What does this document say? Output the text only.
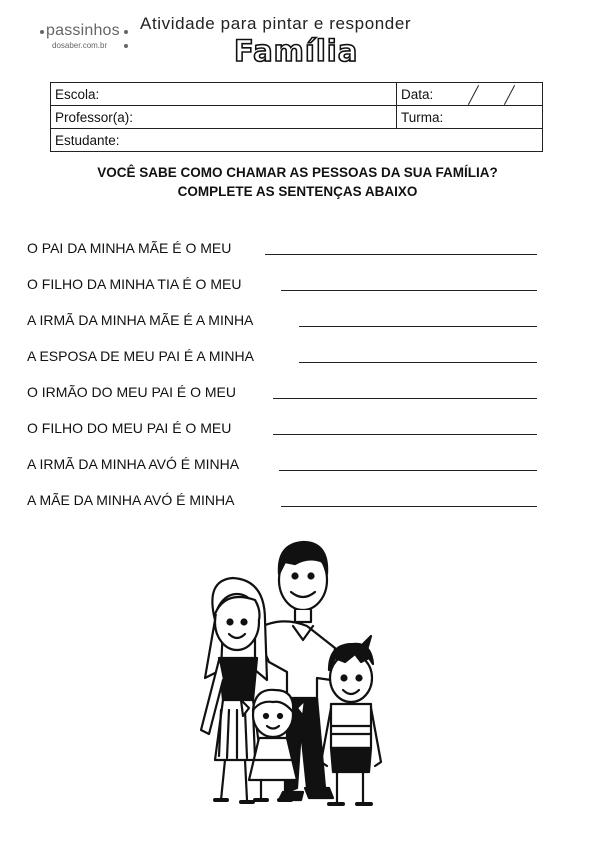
passinhos
dosaber.com.br
Atividade para pintar e responder
Família
Escola:	Data:

Professor(a):	Turma:
Estudante:	
VOCÊ SABE COMO CHAMAR AS PESSOAS DA SUA FAMÍLIA?
COMPLETE AS SENTENÇAS ABAIXO
O PAI DA MINHA MÃE É O MEU
O FILHO DA MINHA TIA É O MEU
A IRMÃ DA MINHA MÃE É A MINHA
A ESPOSA DE MEU PAI É A MINHA
O IRMÃO DO MEU PAI É O MEU
O FILHO DO MEU PAI É O MEU
A IRMÃ DA MINHA AVÓ É MINHA
A MÃE DA MINHA AVÓ É MINHA
